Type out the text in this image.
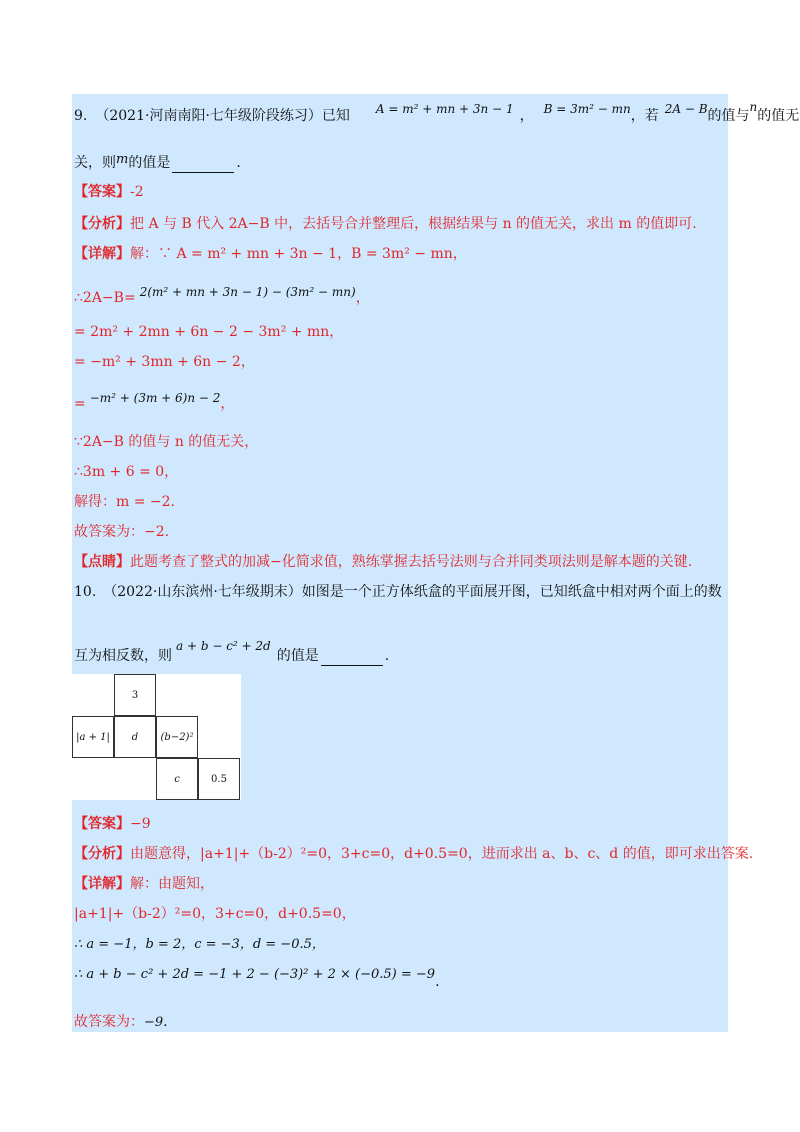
9. （2021·河南南阳·七年级阶段练习）已知 A = m² + mn + 3n − 1 ， B = 3m² − mn ，若 2A − B 的值与
n
的值无
关，则m的值是	.
【答案】-2
【分析】把 A 与 B 代入 2A−B 中，去括号合并整理后，根据结果与 n 的值无关，求出 m 的值即可.
【详解】解：∵ A = m² + mn + 3n − 1，B = 3m² − mn，
∴2A−B= 2(m² + mn + 3n − 1) − (3m² − mn)，
= 2m² + 2mn + 6n − 2 − 3m² + mn，
= −m² + 3mn + 6n − 2，
= −m² + (3m + 6)n − 2，
∵2A−B 的值与 n 的值无关，
∴3m + 6 = 0，
解得：m = −2.
故答案为：−2.
【点睛】此题考查了整式的加减−化简求值，熟练掌握去括号法则与合并同类项法则是解本题的关键.
10.　（2022·山东滨州·七年级期末）如图是一个正方体纸盒的平面展开图，已知纸盒中相对两个面上的数
互为相反数，则a + b − c² + 2d的值是	.
3
|a + 1| d (b−2)²
c	0.5
【答案】−9
【分析】由题意得，|a+1|+（b-2）²=0，3+c=0，d+0.5=0，进而求出 a、b、c、d 的值，即可求出答案.
【详解】解：由题知，
|a+1|+（b-2）²=0，3+c=0，d+0.5=0，
∴ a = −1，b = 2，c = −3，d = −0.5，
∴ a + b − c² + 2d = −1 + 2 − (−3)² + 2 × (−0.5) = −9.
故答案为：−9.
